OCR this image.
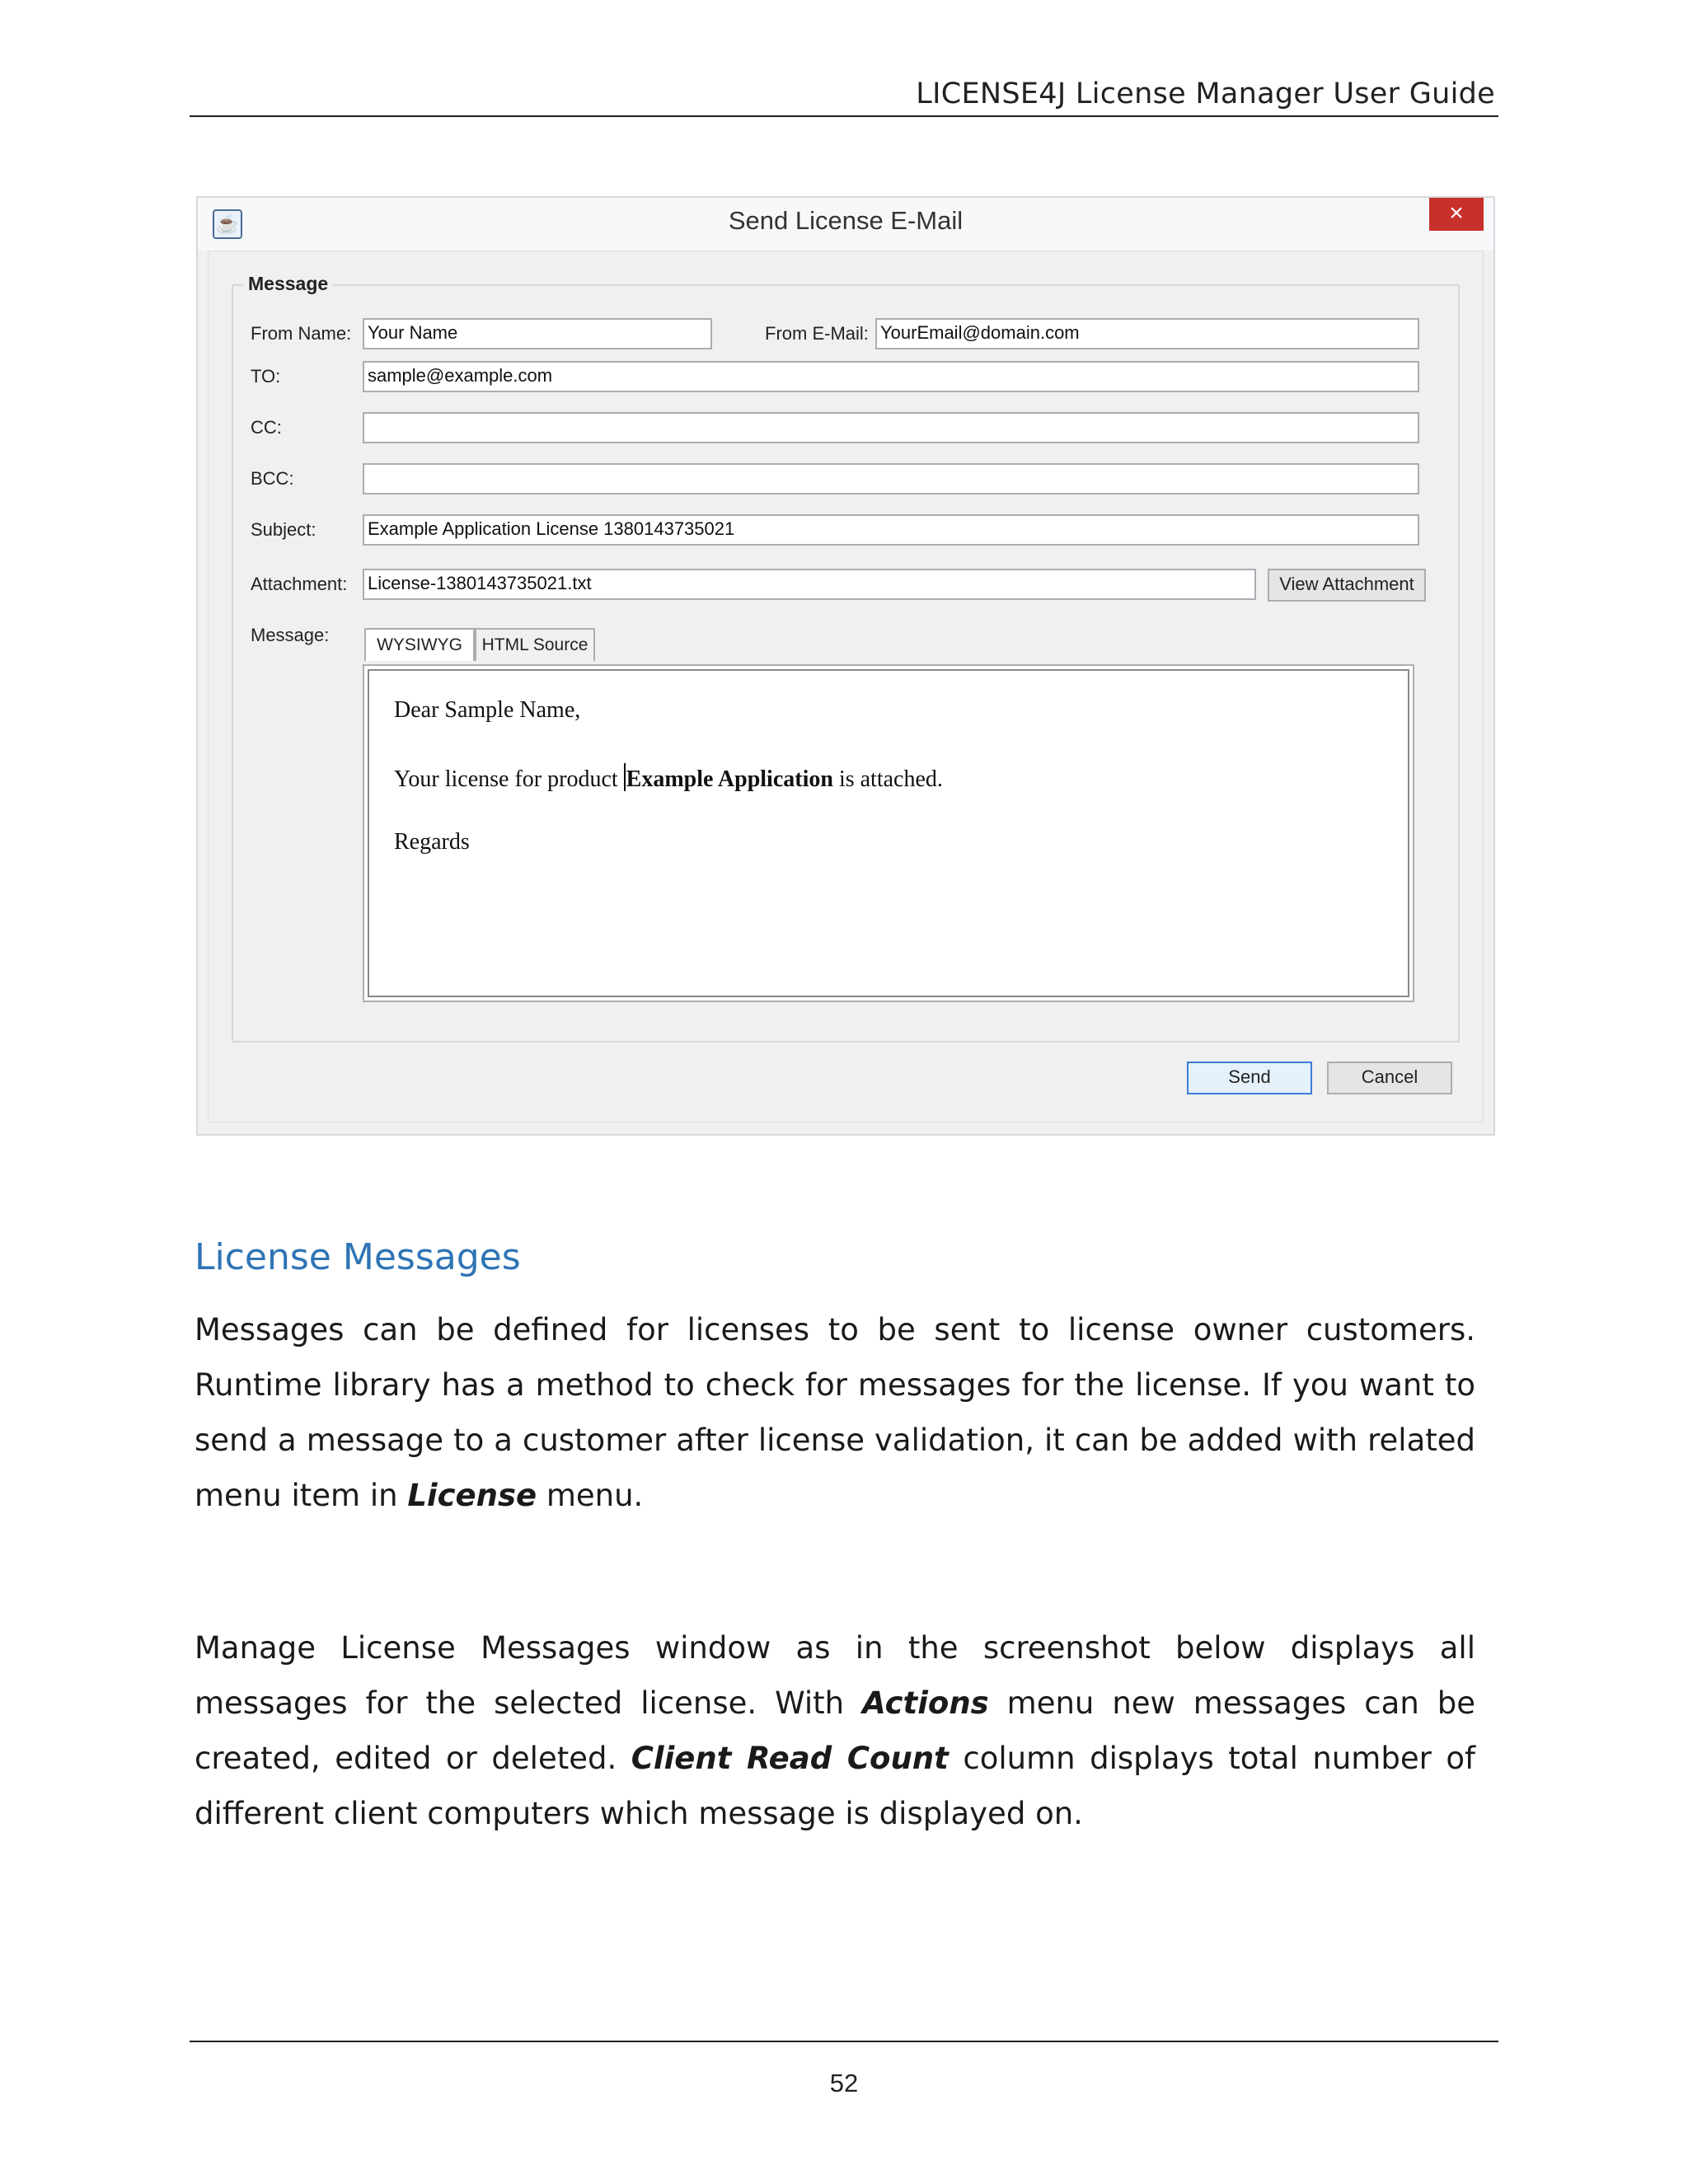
LICENSE4J License Manager User Guide
☕	Send License E-Mail	×
Message
From Name: Your Name	From E-Mail: YourEmail@domain.com
TO:	sample@example.com
CC:
BCC:
Subject:	Example Application License 1380143735021
Attachment: License-1380143735021.txt	View Attachment
Message:	WYSIWYG	HTML Source
Send	Cancel

Dear Sample Name,

Your license for product Example Application is attached.

Regards

License Messages
Messages can be defined for licenses to be sent to license owner customers. Runtime library has a method to check for messages for the license. If you want to send a message to a customer after license validation, it can be added with related menu item in License menu.
Manage License Messages window as in the screenshot below displays all messages for the selected license. With Actions menu new messages can be created, edited or deleted. Client Read Count column displays total number of different client computers which message is displayed on.
52
